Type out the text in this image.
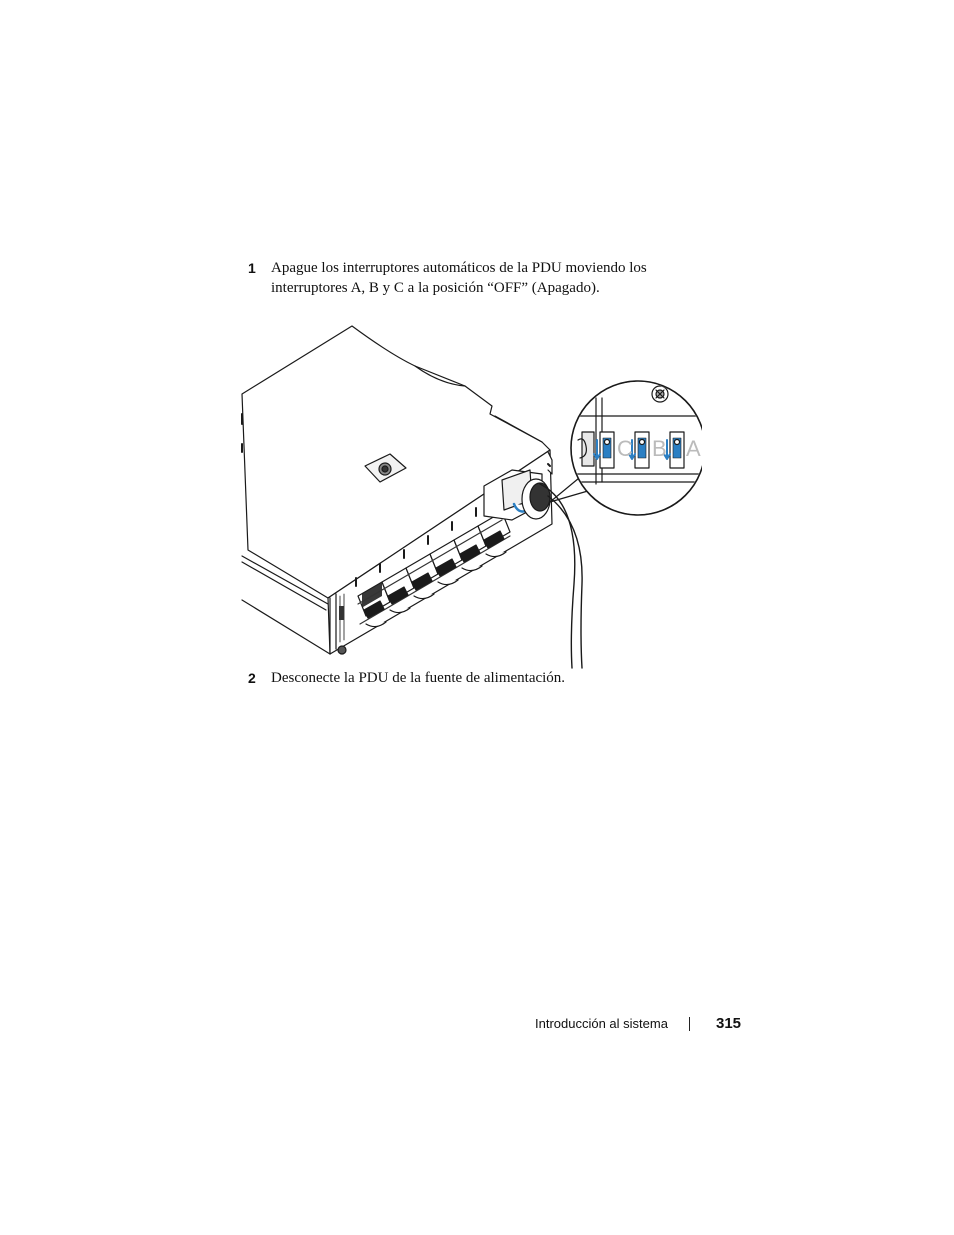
1 Apague los interruptores automáticos de la PDU moviendo los interruptores A, B y C a la posición “OFF” (Apagado).
C B A
2 Desconecte la PDU de la fuente de alimentación.
Introducción al sistema	315
